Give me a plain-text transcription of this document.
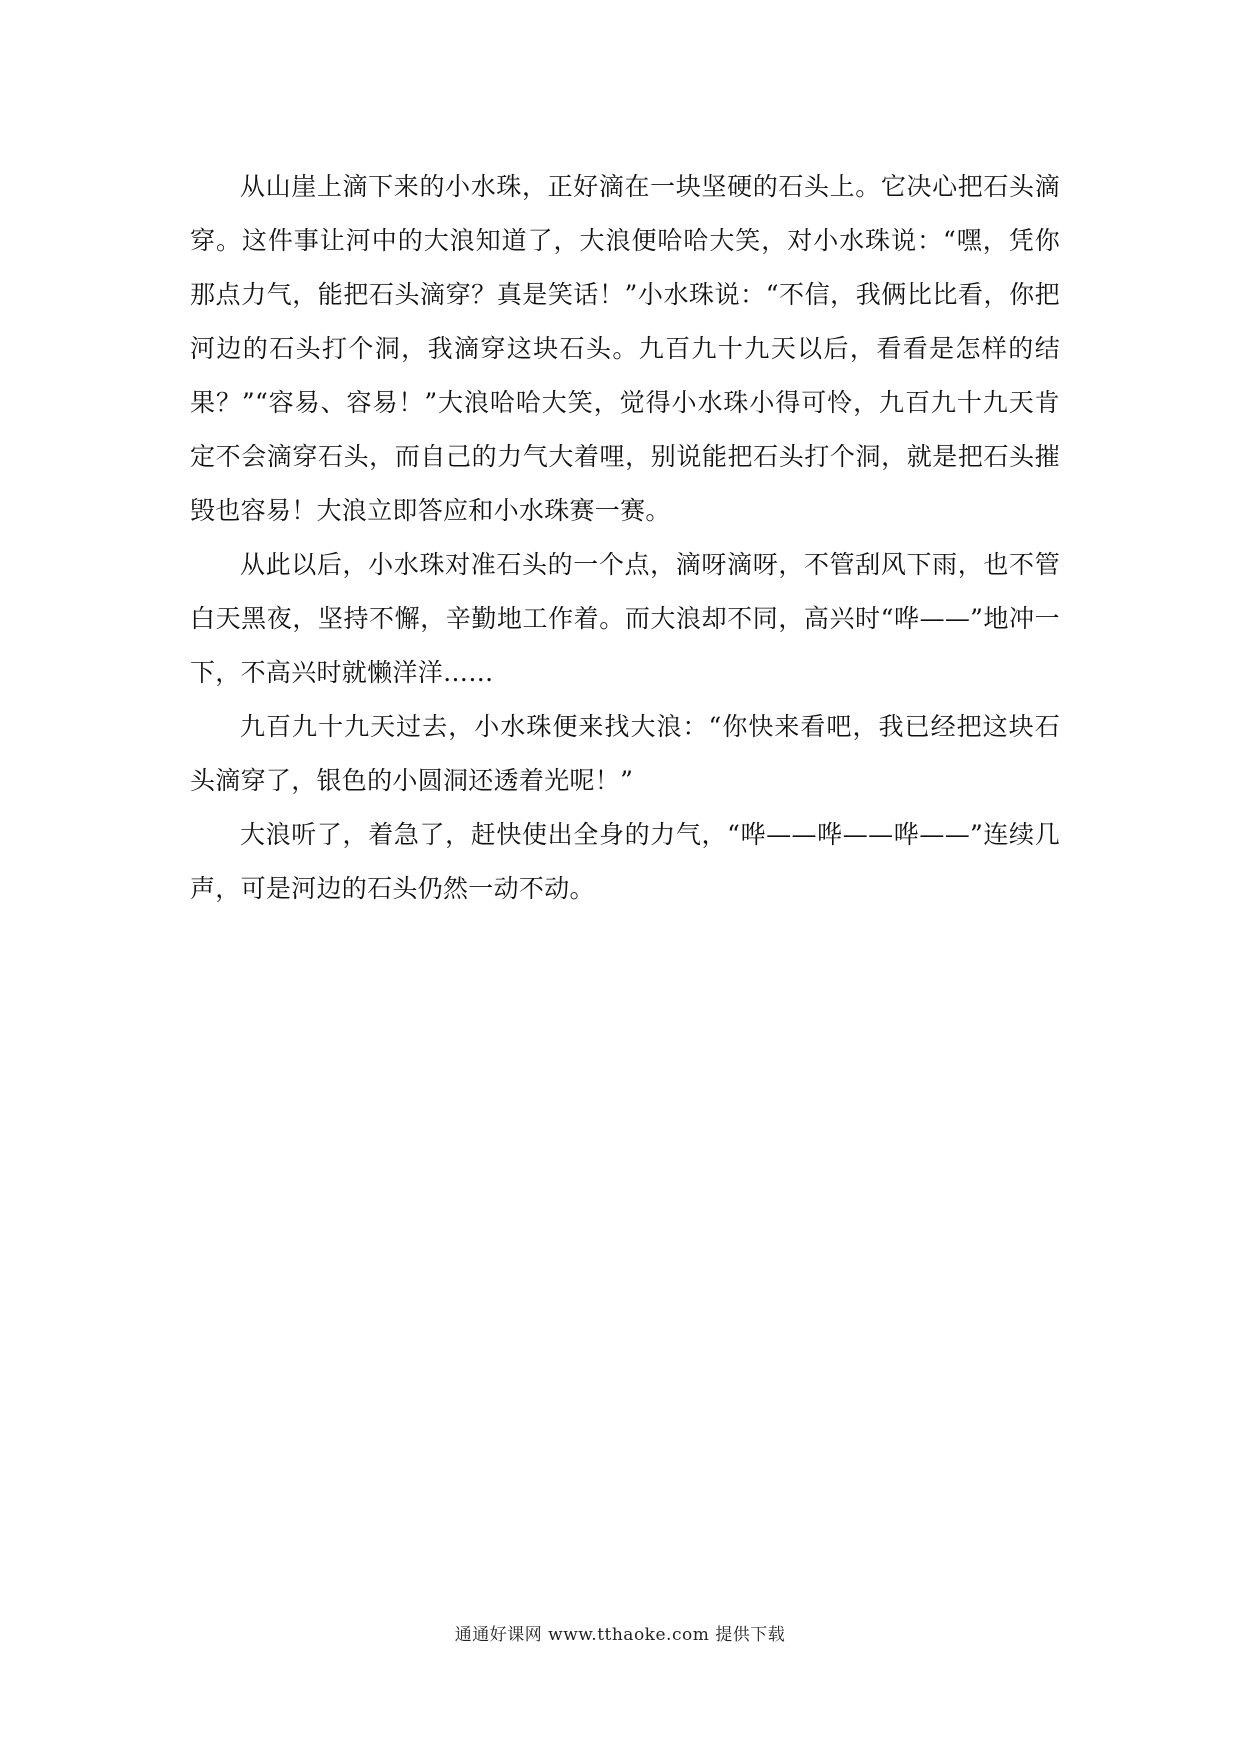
从山崖上滴下来的小水珠，正好滴在一块坚硬的石头上。它决心把石头滴穿。这件事让河中的大浪知道了，大浪便哈哈大笑，对小水珠说：“嘿，凭你那点力气，能把石头滴穿？真是笑话！”小水珠说：“不信，我俩比比看，你把河边的石头打个洞，我滴穿这块石头。九百九十九天以后，看看是怎样的结果？”“容易、容易！”大浪哈哈大笑，觉得小水珠小得可怜，九百九十九天肯定不会滴穿石头，而自己的力气大着哩，别说能把石头打个洞，就是把石头摧毁也容易！大浪立即答应和小水珠赛一赛。

从此以后，小水珠对准石头的一个点，滴呀滴呀，不管刮风下雨，也不管白天黑夜，坚持不懈，辛勤地工作着。而大浪却不同，高兴时“哗——”地冲一下，不高兴时就懒洋洋……

九百九十九天过去，小水珠便来找大浪：“你快来看吧，我已经把这块石头滴穿了，银色的小圆洞还透着光呢！”

大浪听了，着急了，赶快使出全身的力气，“哗——哗——哗——”连续几声，可是河边的石头仍然一动不动。

通通好课网 www.tthaoke.com 提供下载
